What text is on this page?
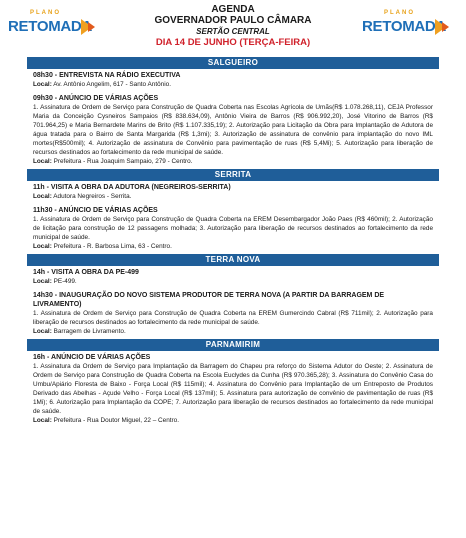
PLANO
RETOMADA
AGENDA
GOVERNADOR PAULO CÂMARA
SERTÃO CENTRAL
DIA 14 DE JUNHO (TERÇA-FEIRA)
PLANO
RETOMADA
SALGUEIRO
08h30 - ENTREVISTA NA RÁDIO EXECUTIVA
Local: Av. Antônio Angelim, 617 - Santo Antônio.
09h30 - ANÚNCIO DE VÁRIAS AÇÕES
1. Assinatura de Ordem de Serviço para Construção de Quadra Coberta nas Escolas Agrícola de Umãs(R$ 1.078.268,11), CEJA Professor Maria da Conceição Cysneiros Sampaios (R$ 838.634,09), Antônio Vieira de Barros (R$ 906.992,20), José Vitorino de Barros (R$ 701.964,25) e Maria Bernardete Marins de Brito (R$ 1.107.335,19); 2. Autorização para Licitação da Obra para Implantação de Adutora de água tratada para o Bairro de Santa Margarida (R$ 1,3mi); 3. Autorização de assinatura de convênio para implantação do novo IML mortes(R$500mil); 4. Autorização de assinatura de Convênio para pavimentação de ruas (R$ 5,4Mi); 5. Autorização para liberação de recursos destinados ao fortalecimento da rede municipal de saúde.
Local: Prefeitura - Rua Joaquim Sampaio, 279 - Centro.
SERRITA
11h - VISITA A OBRA DA ADUTORA (NEGREIROS-SERRITA)
Local: Adutora Negreiros - Serrita.
11h30 - ANÚNCIO DE VÁRIAS AÇÕES
1. Assinatura de Ordem de Serviço para Construção de Quadra Coberta na EREM Desembargador João Paes (R$ 460mil); 2. Autorização de licitação para construção de 12 passagens molhada; 3. Autorização para liberação de recursos destinados ao fortalecimento da rede municipal de saúde.
Local: Prefeitura - R. Barbosa Lima, 63 - Centro.
TERRA NOVA
14h - VISITA A OBRA DA PE-499
Local: PE-499.
14h30 - INAUGURAÇÃO DO NOVO SISTEMA PRODUTOR DE TERRA NOVA (A PARTIR DA BARRAGEM DE LIVRAMENTO)
1. Assinatura de Ordem de Serviço para Construção de Quadra Coberta na EREM Gumercindo Cabral (R$ 711mil); 2. Autorização para liberação de recursos destinados ao fortalecimento da rede municipal de saúde.
Local: Barragem de Livramento.
PARNAMIRIM
16h - ANÚNCIO DE VÁRIAS AÇÕES
1. Assinatura da Ordem de Serviço para Implantação da Barragem do Chapeu pra reforço do Sistema Adutor do Oeste; 2. Assinatura de Ordem de Serviço para Construção de Quadra Coberta na Escola Euclydes da Cunha (R$ 970.365,28); 3. Assinatura do Convênio Casa do Umbu/Apiário Floresta de Baixo - Força Local (R$ 115mil); 4. Assinatura do Convênio para Implantação de um Entreposto de Produtos Derivado das Abelhas - Açude Velho - Força Local (R$ 137mil); 5. Assinatura para autorização de convênio de pavimentação de ruas (R$ 1Mi); 6. Autorização para Implantação da COPE; 7. Autorização para liberação de recursos destinados ao fortalecimento da rede municipal de saúde.
Local: Prefeitura - Rua Doutor Miguel, 22 – Centro.
